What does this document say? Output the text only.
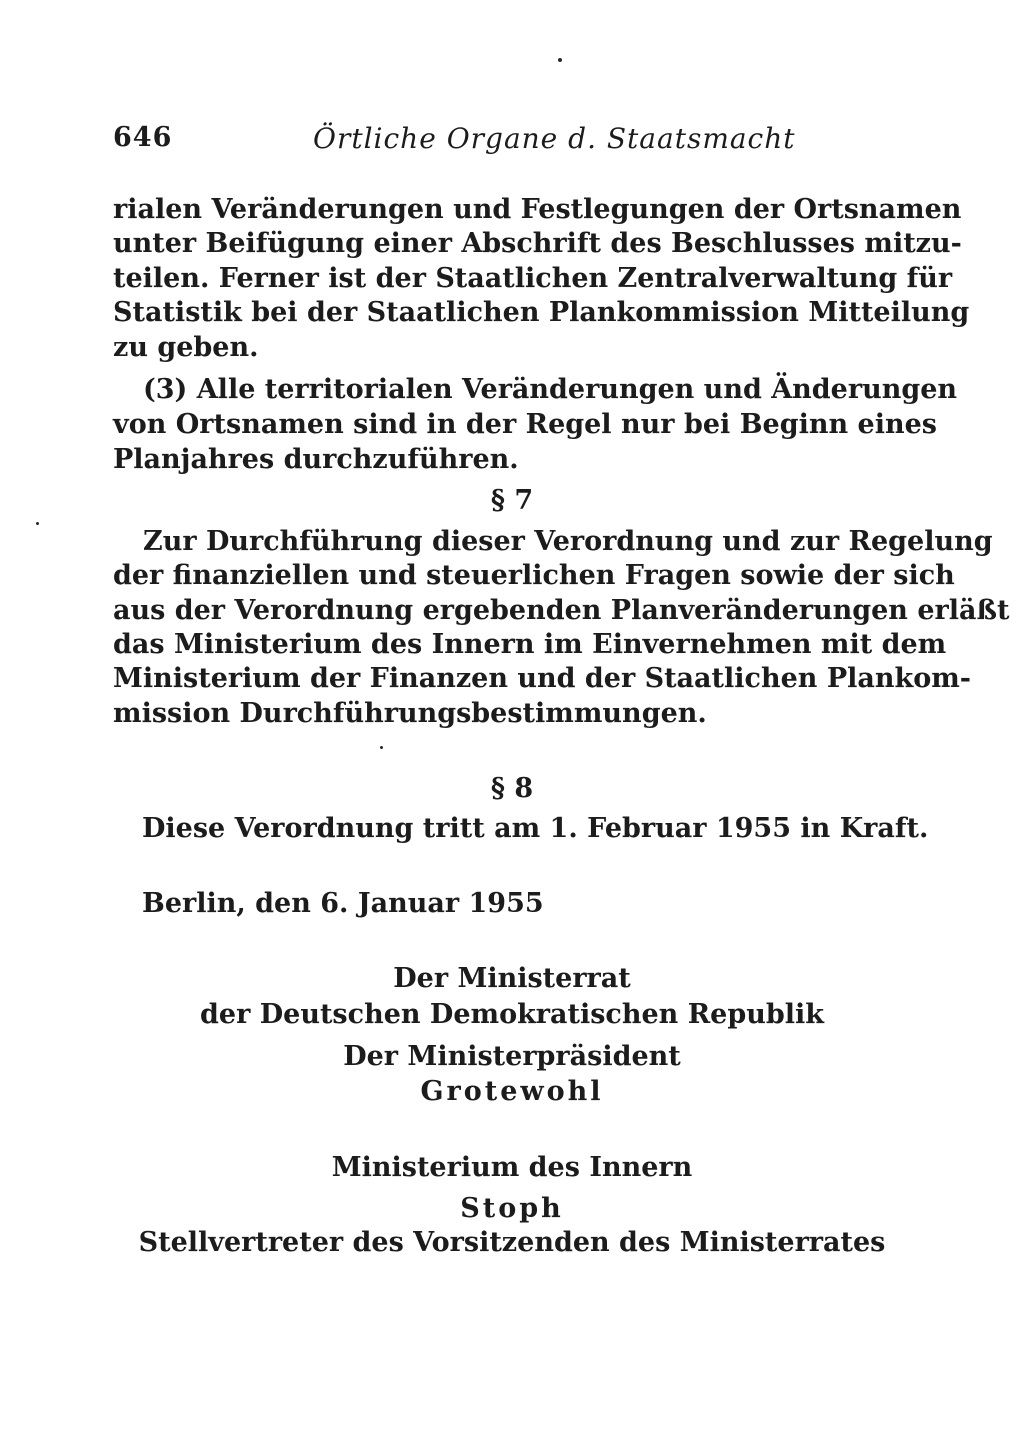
646	Örtliche Organe d. Staatsmacht
rialen Veränderungen und Festlegungen der Ortsnamen
unter Beifügung einer Abschrift des Beschlusses mitzu-
teilen. Ferner ist der Staatlichen Zentralverwaltung für
Statistik bei der Staatlichen Plankommission Mitteilung
zu geben.
(3) Alle territorialen Veränderungen und Änderungen
von Ortsnamen sind in der Regel nur bei Beginn eines
Planjahres durchzuführen.
§ 7
Zur Durchführung dieser Verordnung und zur Regelung
der finanziellen und steuerlichen Fragen sowie der sich
aus der Verordnung ergebenden Planveränderungen erläßt
das Ministerium des Innern im Einvernehmen mit dem
Ministerium der Finanzen und der Staatlichen Plankom-
mission Durchführungsbestimmungen.
§ 8
Diese Verordnung tritt am 1. Februar 1955 in Kraft.
Berlin, den 6. Januar 1955
Der Ministerrat
der Deutschen Demokratischen Republik
Der Ministerpräsident
Grotewohl
Ministerium des Innern
Stoph
Stellvertreter des Vorsitzenden des Ministerrates
